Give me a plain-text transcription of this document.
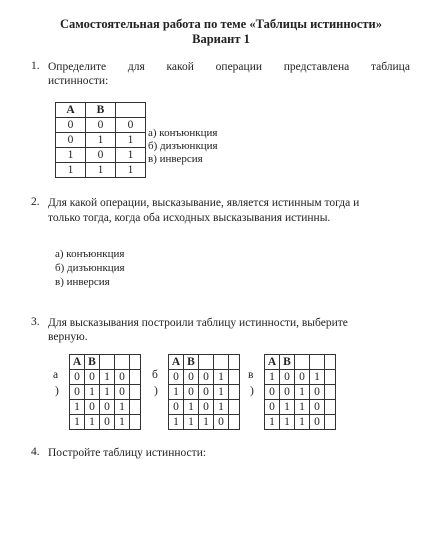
Самостоятельная работа по теме «Таблицы истинности»
Вариант 1
1. Определите для какой операции представлена таблица
истинности:
A	B	
0	0	0
0	1	1
1	0	1
1	1	1
а) конъюнкция
б) дизъюнкция
в) инверсия
2. Для какой операции, высказывание, является истинным тогда и
только тогда, когда оба исходных высказывания истинны.
а) конъюнкция
б) дизъюнкция
в) инверсия
3. Для высказывания построили таблицу истинности, выберите
верную.
а
)
A	B			
0	0	1	0	
0	1	1	0	
1	0	0	1	
1	1	0	1	
б
)
A	B			
0	0	0	1	
1	0	0	1	
0	1	0	1	
1	1	1	0	
в
)
A	B			
1	0	0	1	
0	0	1	0	
0	1	1	0	
1	1	1	0	
4. Постройте таблицу истинности:
